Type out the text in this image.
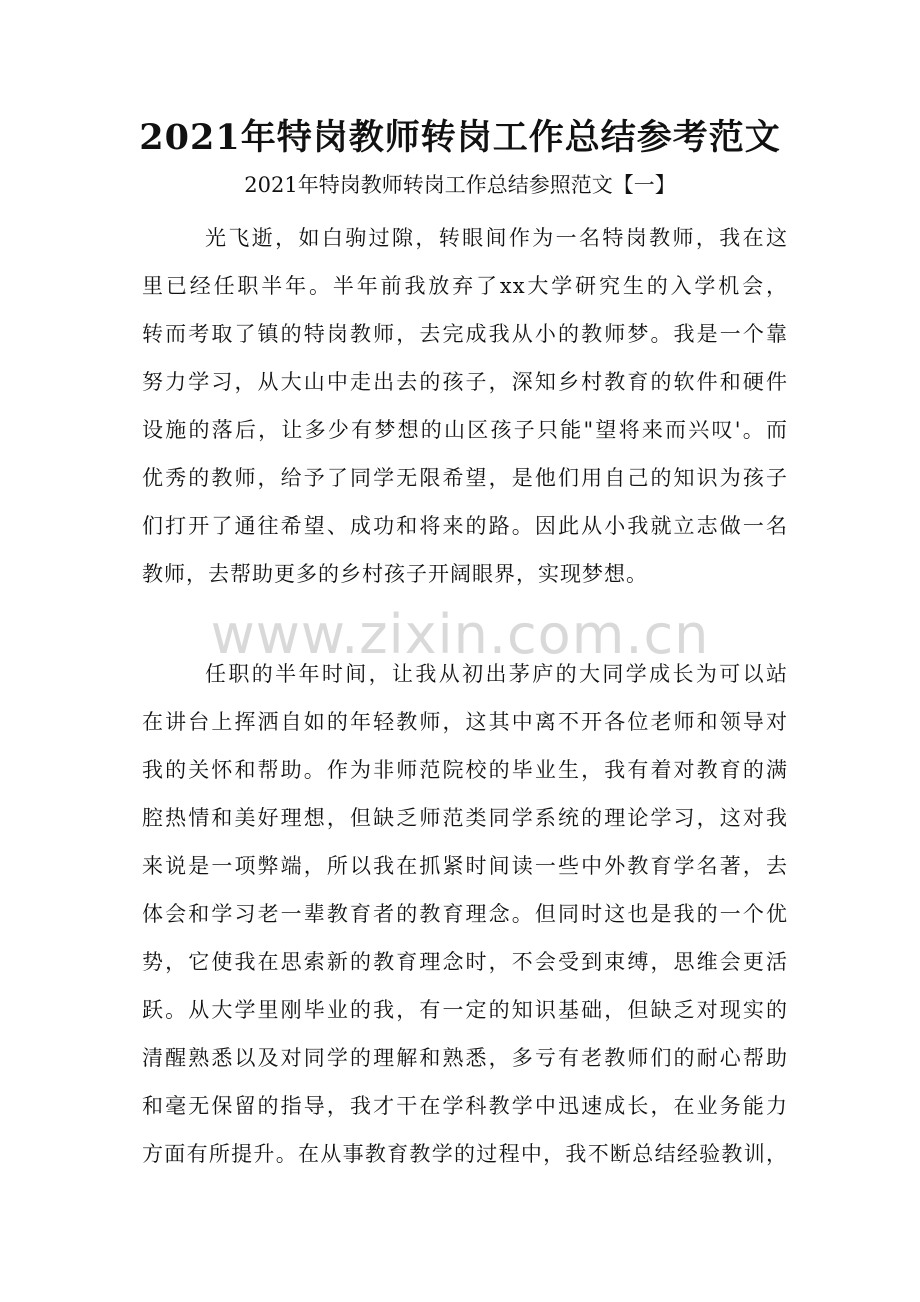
www.zixin.com.cn
2021年特岗教师转岗工作总结参考范文
2021年特岗教师转岗工作总结参照范文【一】
光飞逝，如白驹过隙，转眼间作为一名特岗教师，我在这
里已经任职半年。半年前我放弃了xx大学研究生的入学机会，
转而考取了镇的特岗教师，去完成我从小的教师梦。我是一个靠
努力学习，从大山中走出去的孩子，深知乡村教育的软件和硬件
设施的落后，让多少有梦想的山区孩子只能"望将来而兴叹'。而
优秀的教师，给予了同学无限希望，是他们用自己的知识为孩子
们打开了通往希望、成功和将来的路。因此从小我就立志做一名
教师，去帮助更多的乡村孩子开阔眼界，实现梦想。
任职的半年时间，让我从初出茅庐的大同学成长为可以站
在讲台上挥洒自如的年轻教师，这其中离不开各位老师和领导对
我的关怀和帮助。作为非师范院校的毕业生，我有着对教育的满
腔热情和美好理想，但缺乏师范类同学系统的理论学习，这对我
来说是一项弊端，所以我在抓紧时间读一些中外教育学名著，去
体会和学习老一辈教育者的教育理念。但同时这也是我的一个优
势，它使我在思索新的教育理念时，不会受到束缚，思维会更活
跃。从大学里刚毕业的我，有一定的知识基础，但缺乏对现实的
清醒熟悉以及对同学的理解和熟悉，多亏有老教师们的耐心帮助
和毫无保留的指导，我才干在学科教学中迅速成长，在业务能力
方面有所提升。在从事教育教学的过程中，我不断总结经验教训，
